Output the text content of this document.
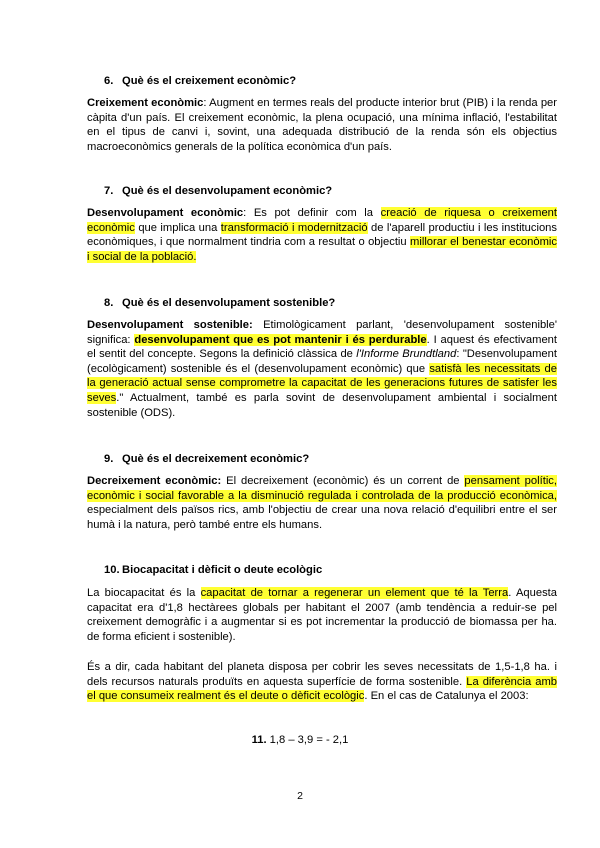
6. Què és el creixement econòmic?
Creixement econòmic: Augment en termes reals del producte interior brut (PIB) i la renda per càpita d'un país. El creixement econòmic, la plena ocupació, una mínima inflació, l'estabilitat en el tipus de canvi i, sovint, una adequada distribució de la renda són els objectius macroeconòmics generals de la política econòmica d'un país.
7. Què és el desenvolupament econòmic?
Desenvolupament econòmic: Es pot definir com la creació de riquesa o creixement econòmic que implica una transformació i modernització de l'aparell productiu i les institucions econòmiques, i que normalment tindria com a resultat o objectiu millorar el benestar econòmic i social de la població.
8. Què és el desenvolupament sostenible?
Desenvolupament sostenible: Etimològicament parlant, 'desenvolupament sostenible' significa: desenvolupament que es pot mantenir i és perdurable. I aquest és efectivament el sentit del concepte. Segons la definició clàssica de l'Informe Brundtland: "Desenvolupament (ecològicament) sostenible és el (desenvolupament econòmic) que satisfà les necessitats de la generació actual sense comprometre la capacitat de les generacions futures de satisfer les seves." Actualment, també es parla sovint de desenvolupament ambiental i socialment sostenible (ODS).
9. Què és el decreixement econòmic?
Decreixement econòmic: El decreixement (econòmic) és un corrent de pensament polític, econòmic i social favorable a la disminució regulada i controlada de la producció econòmica, especialment dels països rics, amb l'objectiu de crear una nova relació d'equilibri entre el ser humà i la natura, però també entre els humans.
10. Biocapacitat i dèficit o deute ecològic
La biocapacitat és la capacitat de tornar a regenerar un element que té la Terra. Aquesta capacitat era d'1,8 hectàrees globals per habitant el 2007 (amb tendència a reduir-se pel creixement demogràfic i a augmentar si es pot incrementar la producció de biomassa per ha. de forma eficient i sostenible).
És a dir, cada habitant del planeta disposa per cobrir les seves necessitats de 1,5-1,8 ha. i dels recursos naturals produïts en aquesta superfície de forma sostenible. La diferència amb el que consumeix realment és el deute o dèficit ecològic. En el cas de Catalunya el 2003:
11. 1,8 – 3,9 = - 2,1
2
